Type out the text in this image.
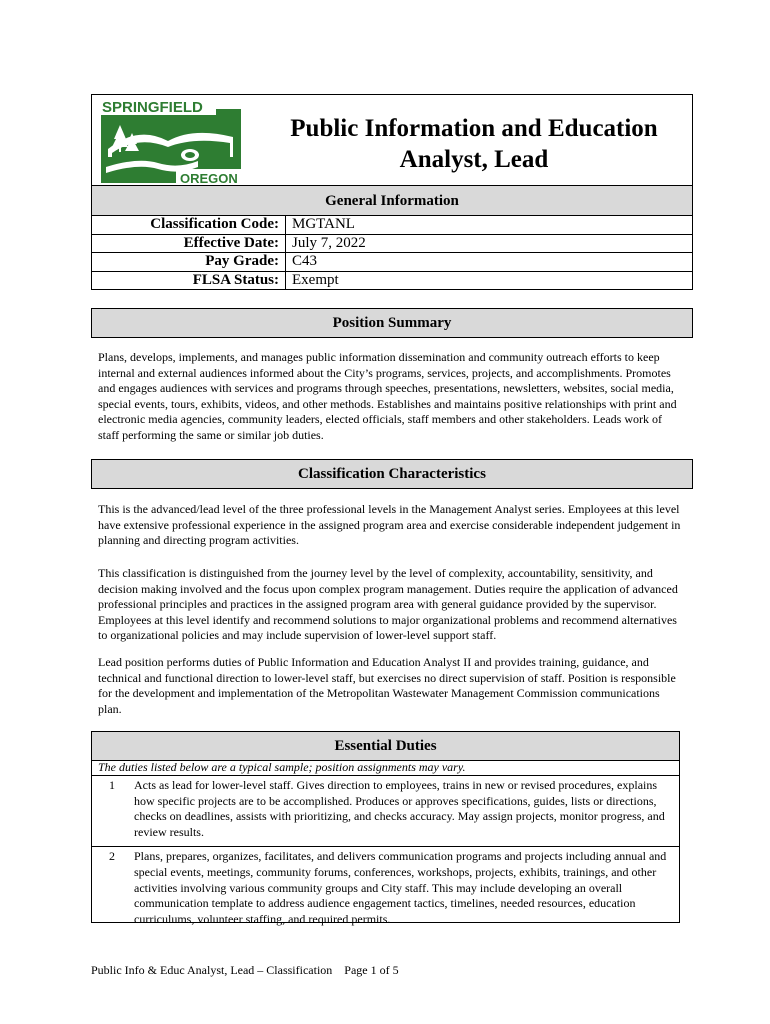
SPRINGFIELD
OREGON
Public Information and Education Analyst, Lead
General Information
Classification Code: MGTANL
Effective Date: July 7, 2022
Pay Grade: C43
FLSA Status: Exempt
Position Summary
Plans, develops, implements, and manages public information dissemination and community outreach efforts to keep internal and external audiences informed about the City’s programs, services, projects, and accomplishments. Promotes and engages audiences with services and programs through speeches, presentations, newsletters, websites, social media, special events, tours, exhibits, videos, and other methods. Establishes and maintains positive relationships with print and electronic media agencies, community leaders, elected officials, staff members and other stakeholders. Leads work of staff performing the same or similar job duties.
Classification Characteristics
This is the advanced/lead level of the three professional levels in the Management Analyst series. Employees at this level have extensive professional experience in the assigned program area and exercise considerable independent judgement in planning and directing program activities.
This classification is distinguished from the journey level by the level of complexity, accountability, sensitivity, and decision making involved and the focus upon complex program management. Duties require the application of advanced professional principles and practices in the assigned program area with general guidance provided by the supervisor. Employees at this level identify and recommend solutions to major organizational problems and recommend alternatives to organizational policies and may include supervision of lower-level support staff.
Lead position performs duties of Public Information and Education Analyst II and provides training, guidance, and technical and functional direction to lower-level staff, but exercises no direct supervision of staff. Position is responsible for the development and implementation of the Metropolitan Wastewater Management Commission communications plan.
Essential Duties
The duties listed below are a typical sample; position assignments may vary.
1	Acts as lead for lower-level staff. Gives direction to employees, trains in new or revised procedures, explains how specific projects are to be accomplished. Produces or approves specifications, guides, lists or directions, checks on deadlines, assists with prioritizing, and checks accuracy. May assign projects, monitor progress, and review results.
2	Plans, prepares, organizes, facilitates, and delivers communication programs and projects including annual and special events, meetings, community forums, conferences, workshops, projects, exhibits, trainings, and other activities involving various community groups and City staff. This may include developing an overall communication template to address audience engagement tactics, timelines, needed resources, education curriculums, volunteer staffing, and required permits.
Public Info & Educ Analyst, Lead – Classification Page 1 of 5
